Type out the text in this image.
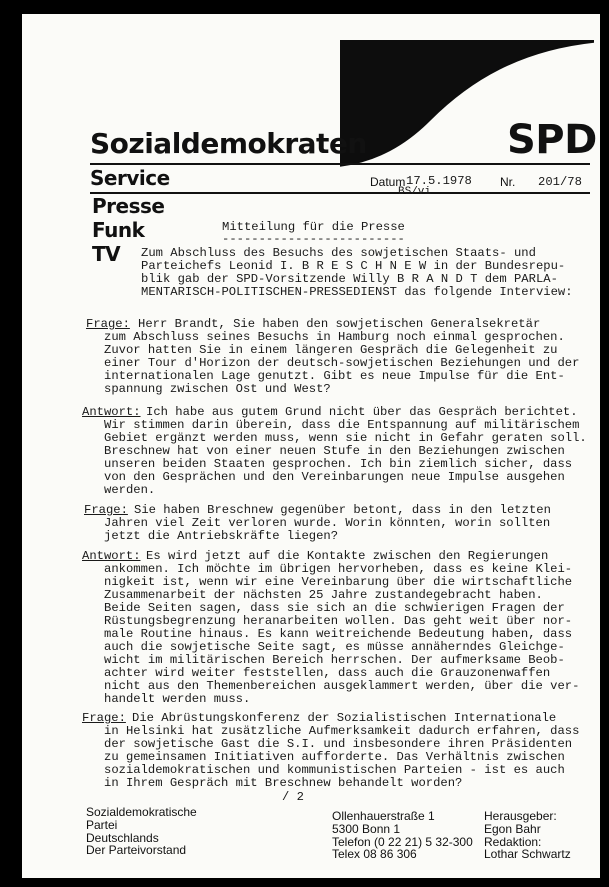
Sozialdemokraten	SPD
Service
Presse
Funk
TV
Datum 17.5.1978
BS/vi
Nr. 201/78
Mitteilung für die Presse
-------------------------
Zum Abschluss des Besuchs des sowjetischen Staats- und
Parteichefs Leonid I. B R E S C H N E W in der Bundesrepu-
blik gab der SPD-Vorsitzende Willy B R A N D T dem PARLA-
MENTARISCH-POLITISCHEN-PRESSEDIENST das folgende Interview:
Frage: Herr Brandt, Sie haben den sowjetischen Generalsekretär
zum Abschluss seines Besuchs in Hamburg noch einmal gesprochen.
Zuvor hatten Sie in einem längeren Gespräch die Gelegenheit zu
einer Tour d'Horizon der deutsch-sowjetischen Beziehungen und der
internationalen Lage genutzt. Gibt es neue Impulse für die Ent-
spannung zwischen Ost und West?
Antwort: Ich habe aus gutem Grund nicht über das Gespräch berichtet.
Wir stimmen darin überein, dass die Entspannung auf militärischem
Gebiet ergänzt werden muss, wenn sie nicht in Gefahr geraten soll.
Breschnew hat von einer neuen Stufe in den Beziehungen zwischen
unseren beiden Staaten gesprochen. Ich bin ziemlich sicher, dass
von den Gesprächen und den Vereinbarungen neue Impulse ausgehen
werden.
Frage: Sie haben Breschnew gegenüber betont, dass in den letzten
Jahren viel Zeit verloren wurde. Worin könnten, worin sollten
jetzt die Antriebskräfte liegen?
Antwort: Es wird jetzt auf die Kontakte zwischen den Regierungen
ankommen. Ich möchte im übrigen hervorheben, dass es keine Klei-
nigkeit ist, wenn wir eine Vereinbarung über die wirtschaftliche
Zusammenarbeit der nächsten 25 Jahre zustandegebracht haben.
Beide Seiten sagen, dass sie sich an die schwierigen Fragen der
Rüstungsbegrenzung heranarbeiten wollen. Das geht weit über nor-
male Routine hinaus. Es kann weitreichende Bedeutung haben, dass
auch die sowjetische Seite sagt, es müsse annäherndes Gleichge-
wicht im militärischen Bereich herrschen. Der aufmerksame Beob-
achter wird weiter feststellen, dass auch die Grauzonenwaffen
nicht aus den Themenbereichen ausgeklammert werden, über die ver-
handelt werden muss.
Frage: Die Abrüstungskonferenz der Sozialistischen Internationale
in Helsinki hat zusätzliche Aufmerksamkeit dadurch erfahren, dass
der sowjetische Gast die S.I. und insbesondere ihren Präsidenten
zu gemeinsamen Initiativen aufforderte. Das Verhältnis zwischen
sozialdemokratischen und kommunistischen Parteien - ist es auch
in Ihrem Gespräch mit Breschnew behandelt worden?
/ 2
Sozialdemokratische
Partei
Deutschlands
Der Parteivorstand
Ollenhauerstraße 1
5300 Bonn 1
Telefon (0 22 21) 5 32-300
Telex 08 86 306
Herausgeber:
Egon Bahr
Redaktion:
Lothar Schwartz
